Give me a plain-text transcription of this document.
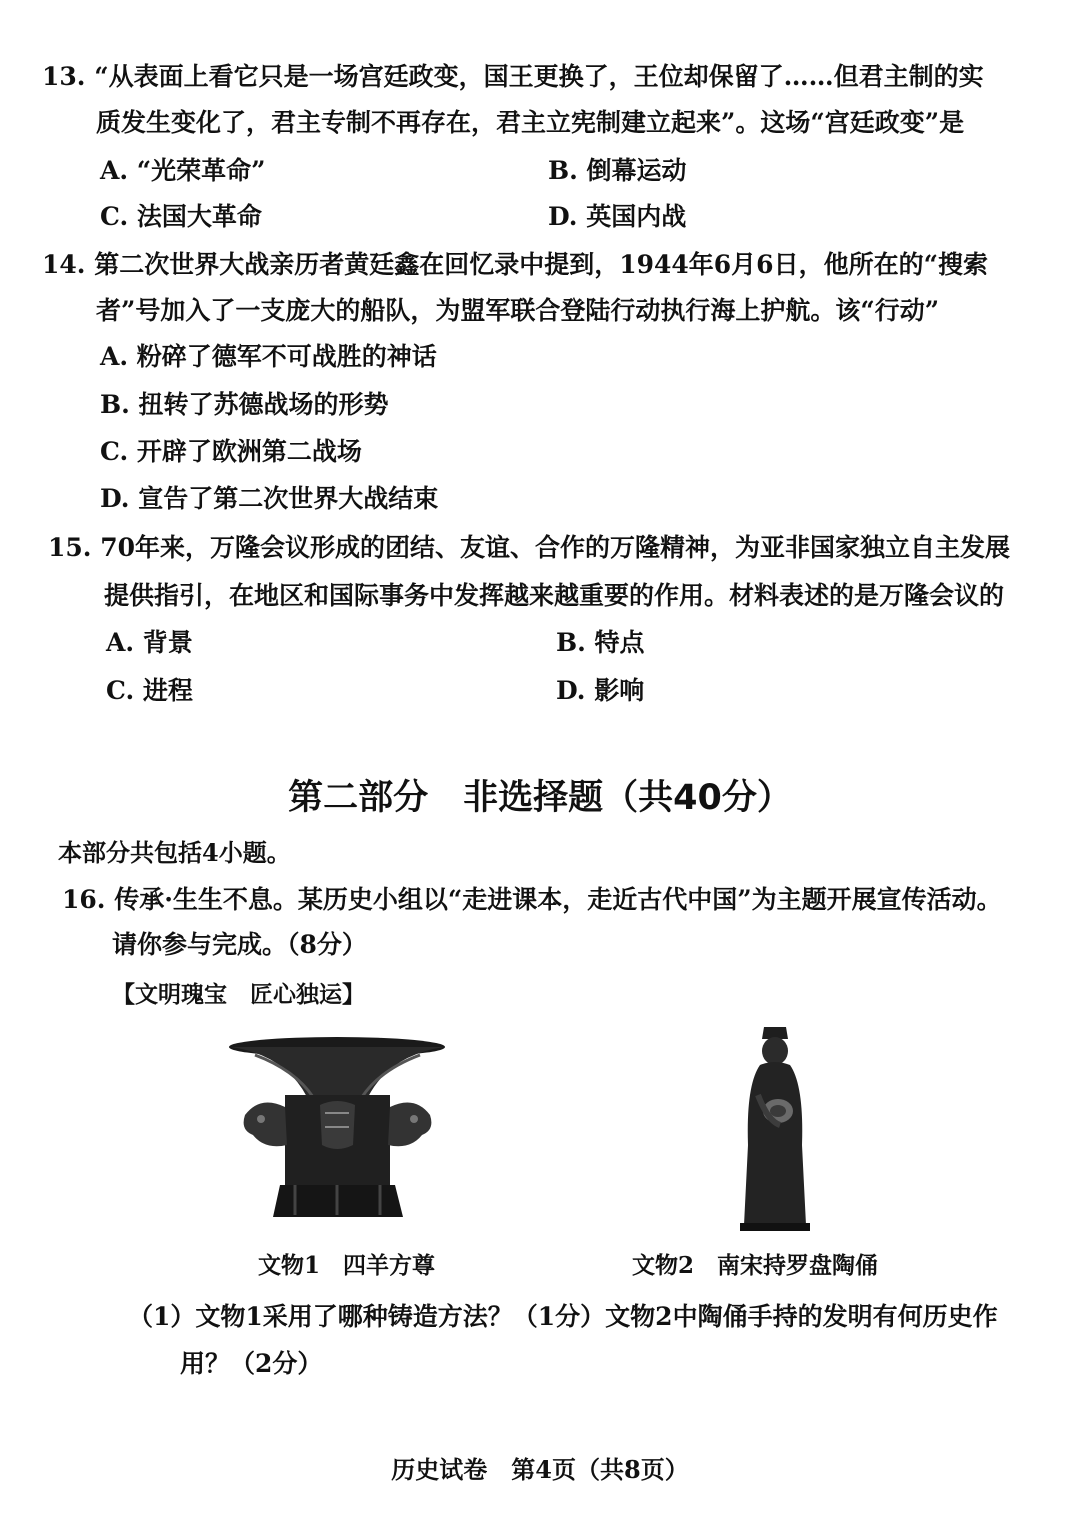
13. “从表面上看它只是一场宫廷政变，国王更换了，王位却保留了……但君主制的实
质发生变化了，君主专制不再存在，君主立宪制建立起来”。这场“宫廷政变”是
A. “光荣革命”	B. 倒幕运动
C. 法国大革命	D. 英国内战
14. 第二次世界大战亲历者黄廷鑫在回忆录中提到，1944年6月6日，他所在的“搜索
者”号加入了一支庞大的船队，为盟军联合登陆行动执行海上护航。该“行动”
A. 粉碎了德军不可战胜的神话
B. 扭转了苏德战场的形势
C. 开辟了欧洲第二战场
D. 宣告了第二次世界大战结束
15. 70年来，万隆会议形成的团结、友谊、合作的万隆精神，为亚非国家独立自主发展
提供指引，在地区和国际事务中发挥越来越重要的作用。材料表述的是万隆会议的
A. 背景	B. 特点
C. 进程	D. 影响
第二部分　非选择题（共40分）
本部分共包括4小题。
16. 传承·生生不息。某历史小组以“走进课本，走近古代中国”为主题开展宣传活动。
请你参与完成。（8分）
【文明瑰宝　匠心独运】
文物1　四羊方尊	文物2　南宋持罗盘陶俑
（1）文物1采用了哪种铸造方法？（1分）文物2中陶俑手持的发明有何历史作
用？（2分）
历史试卷　第4页（共8页）
